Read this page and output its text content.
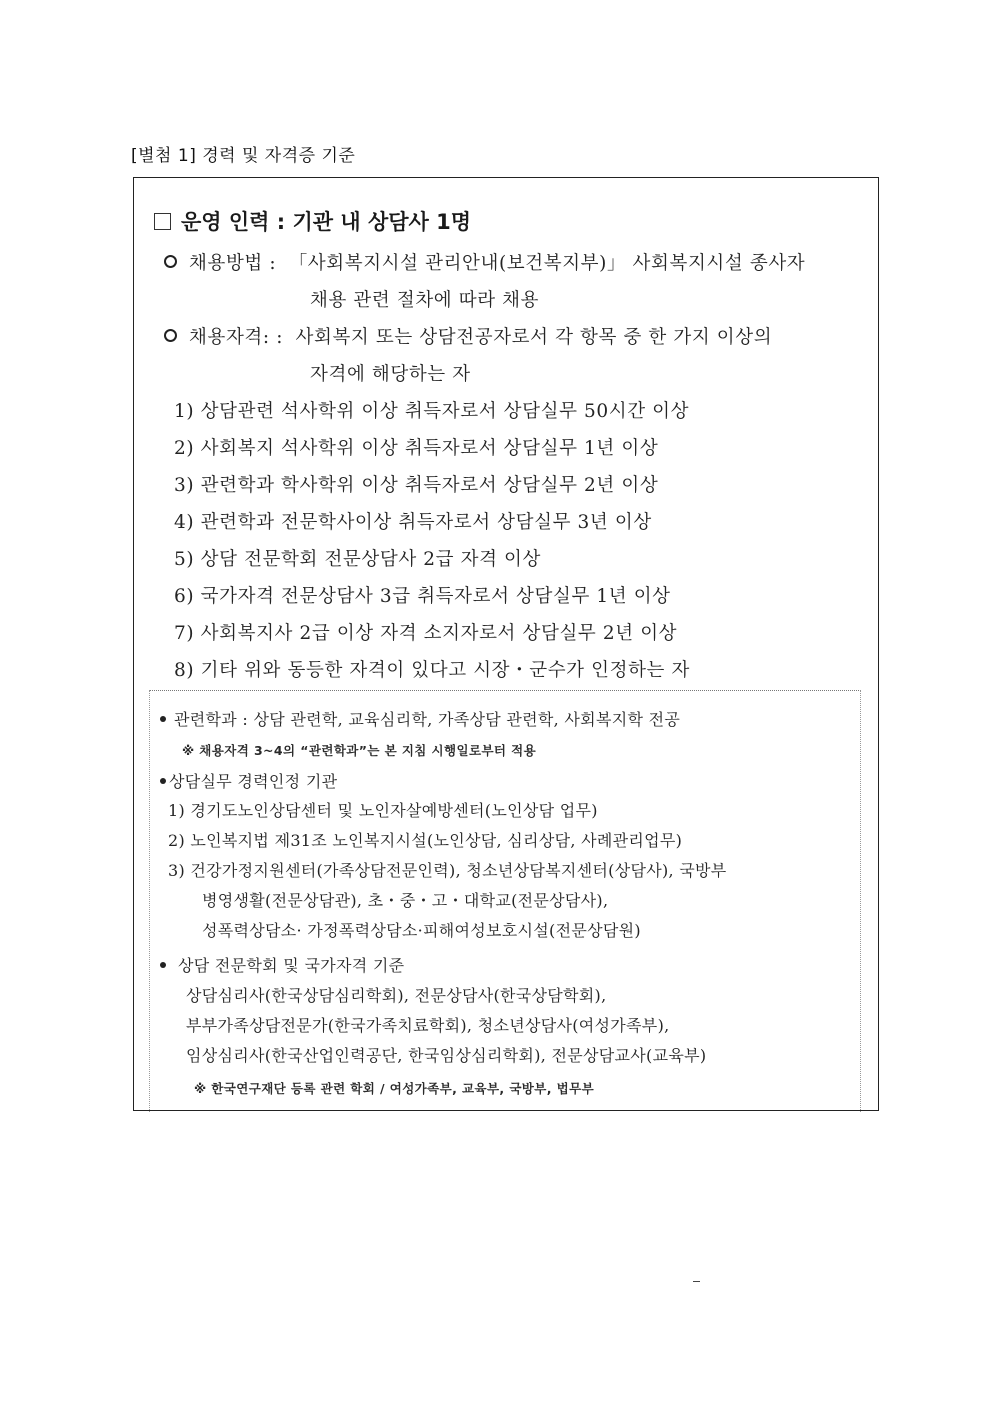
[별첨 1] 경력 및 자격증 기준
운영 인력 : 기관 내 상담사 1명
채용방법 : 「사회복지시설 관리안내(보건복지부)」 사회복지시설 종사자
채용 관련 절차에 따라 채용
채용자격: : 사회복지 또는 상담전공자로서 각 항목 중 한 가지 이상의
자격에 해당하는 자
1) 상담관련 석사학위 이상 취득자로서 상담실무 50시간 이상
2) 사회복지 석사학위 이상 취득자로서 상담실무 1년 이상
3) 관련학과 학사학위 이상 취득자로서 상담실무 2년 이상
4) 관련학과 전문학사이상 취득자로서 상담실무 3년 이상
5) 상담 전문학회 전문상담사 2급 자격 이상
6) 국가자격 전문상담사 3급 취득자로서 상담실무 1년 이상
7) 사회복지사 2급 이상 자격 소지자로서 상담실무 2년 이상
8) 기타 위와 동등한 자격이 있다고 시장・군수가 인정하는 자
관련학과 : 상담 관련학, 교육심리학, 가족상담 관련학, 사회복지학 전공
※ 채용자격 3~4의 “관련학과”는 본 지침 시행일로부터 적용
상담실무 경력인정 기관
1) 경기도노인상담센터 및 노인자살예방센터(노인상담 업무)
2) 노인복지법 제31조 노인복지시설(노인상담, 심리상담, 사례관리업무)
3) 건강가정지원센터(가족상담전문인력), 청소년상담복지센터(상담사), 국방부
병영생활(전문상담관), 초・중・고・대학교(전문상담사),
성폭력상담소· 가정폭력상담소·피해여성보호시설(전문상담원)
상담 전문학회 및 국가자격 기준
상담심리사(한국상담심리학회), 전문상담사(한국상담학회),
부부가족상담전문가(한국가족치료학회), 청소년상담사(여성가족부),
임상심리사(한국산업인력공단, 한국임상심리학회), 전문상담교사(교육부)
※ 한국연구재단 등록 관련 학회 / 여성가족부, 교육부, 국방부, 법무부
